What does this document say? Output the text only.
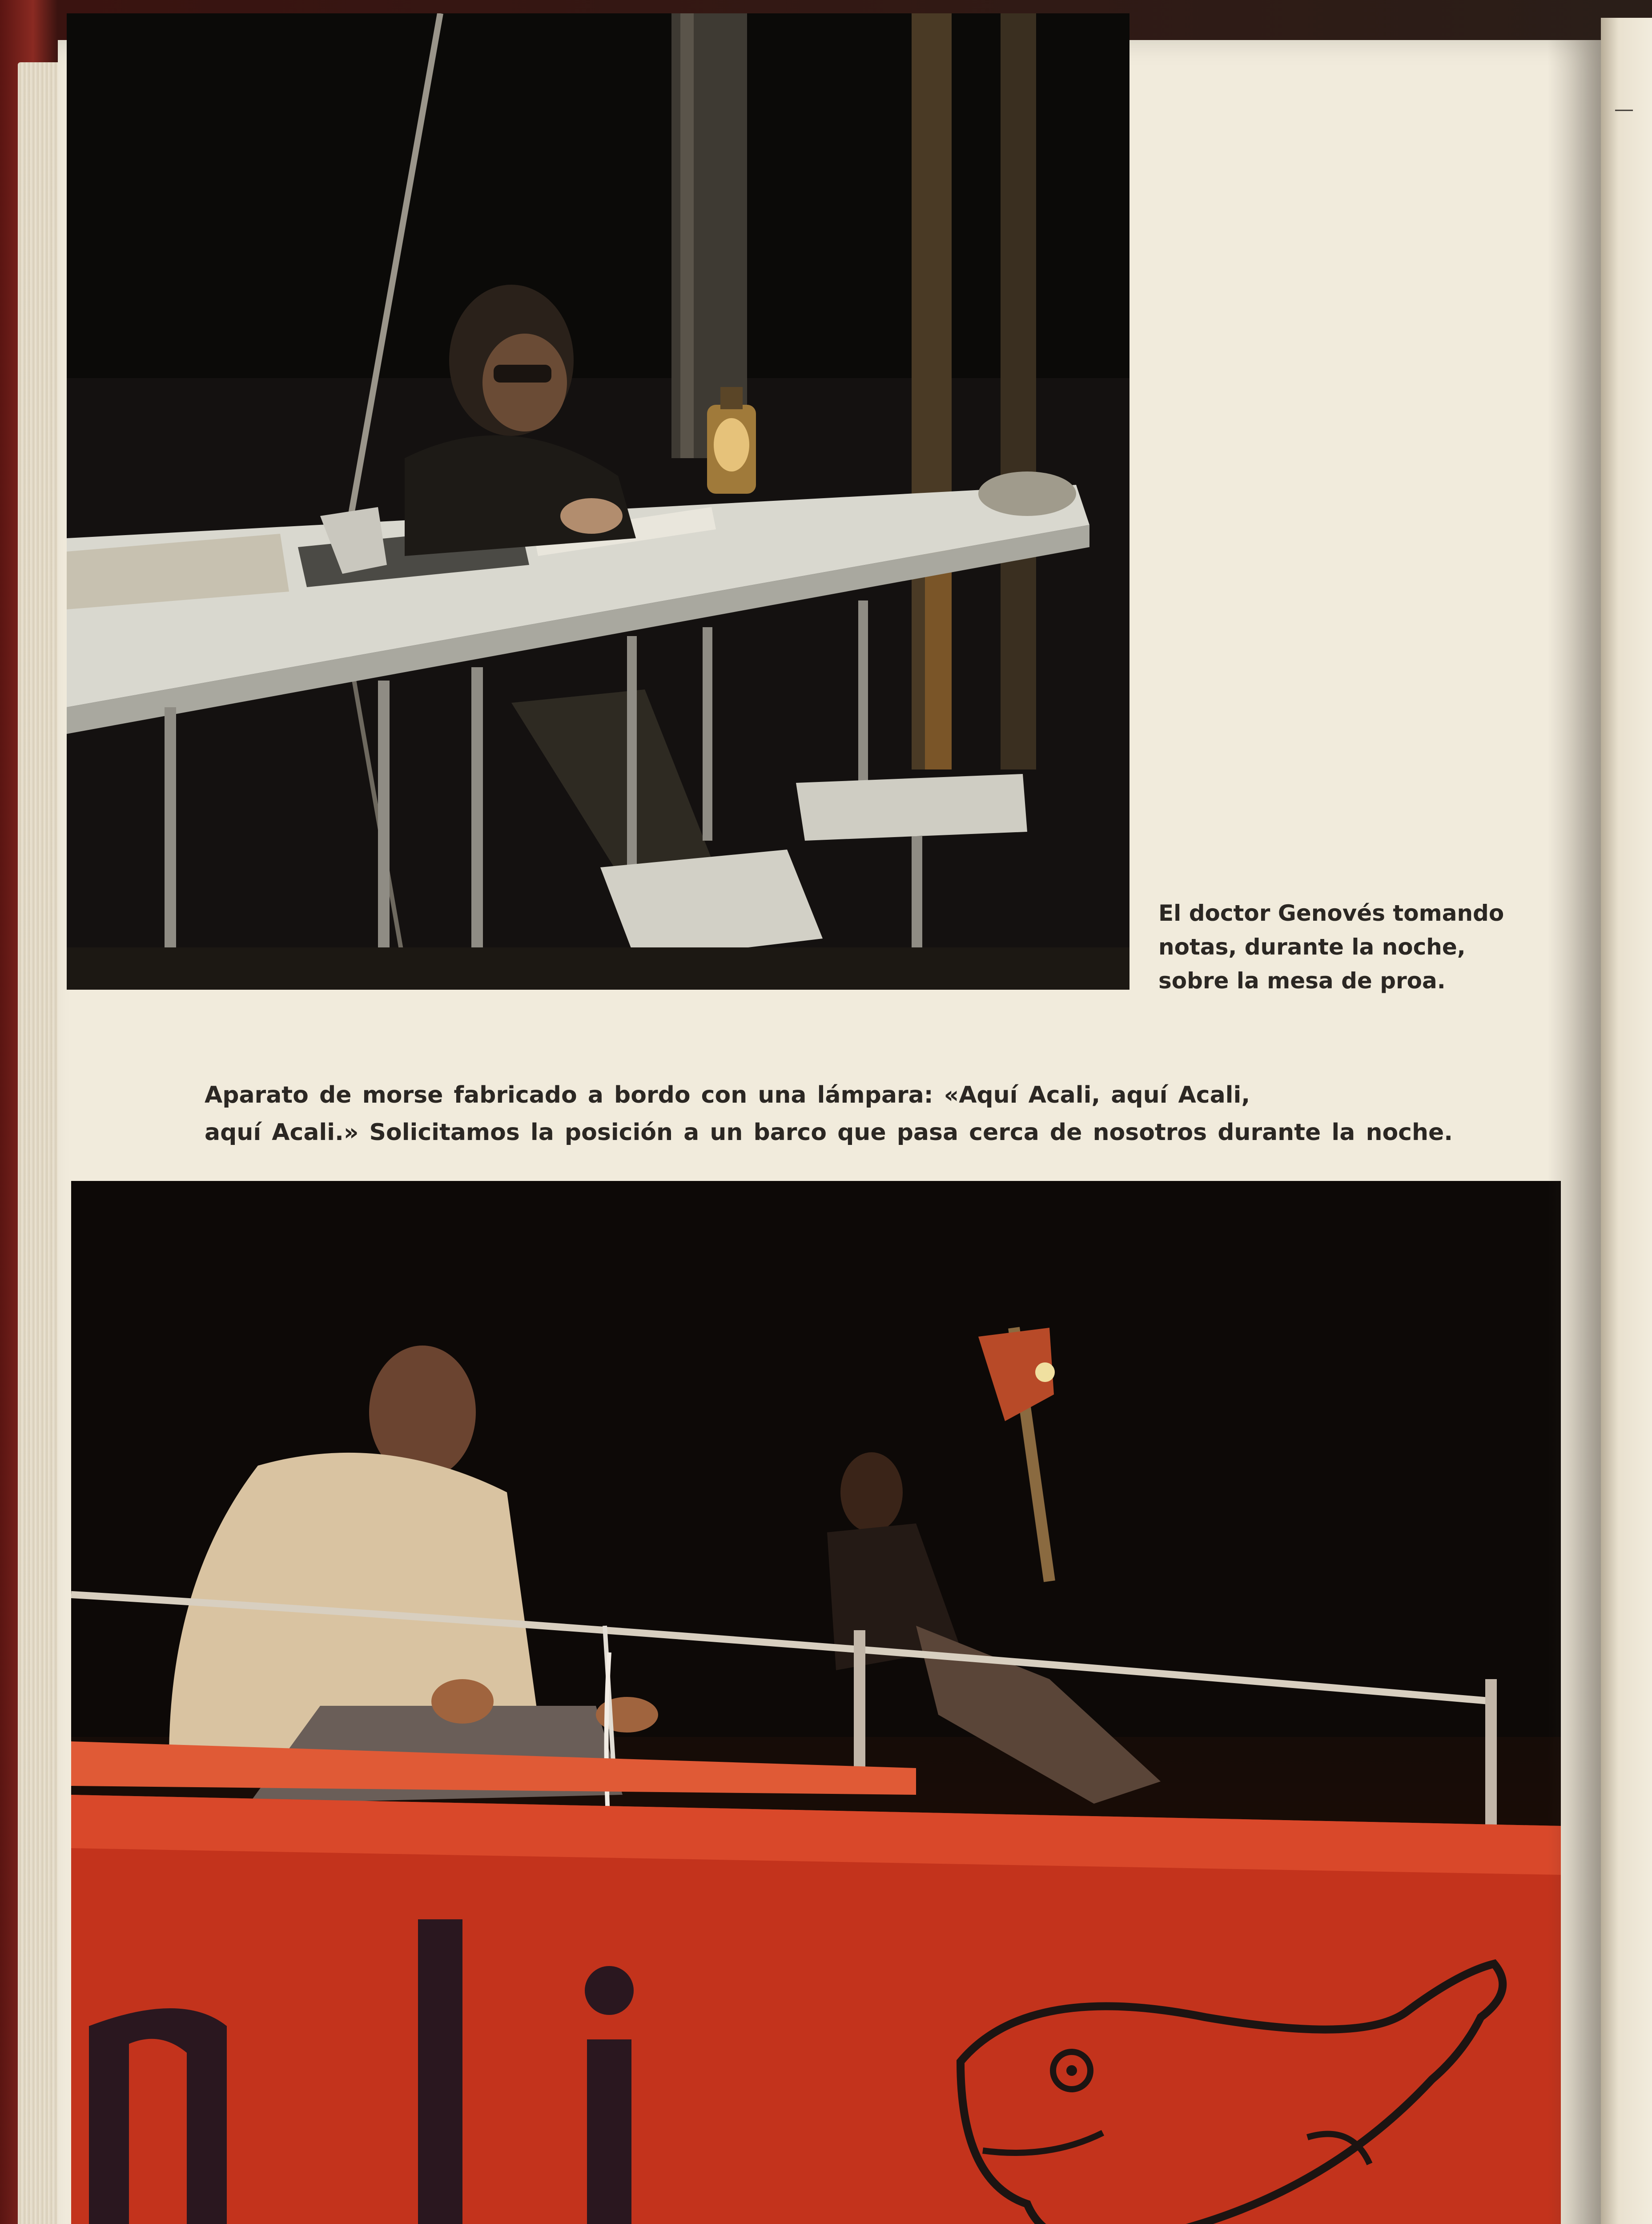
El doctor Genovés tomando
notas, durante la noche,
sobre la mesa de proa.
Aparato de morse fabricado a bordo con una lámpara: «Aquí Acali, aquí Acali,
aquí Acali.» Solicitamos la posición a un barco que pasa cerca de nosotros durante la noche.
—
